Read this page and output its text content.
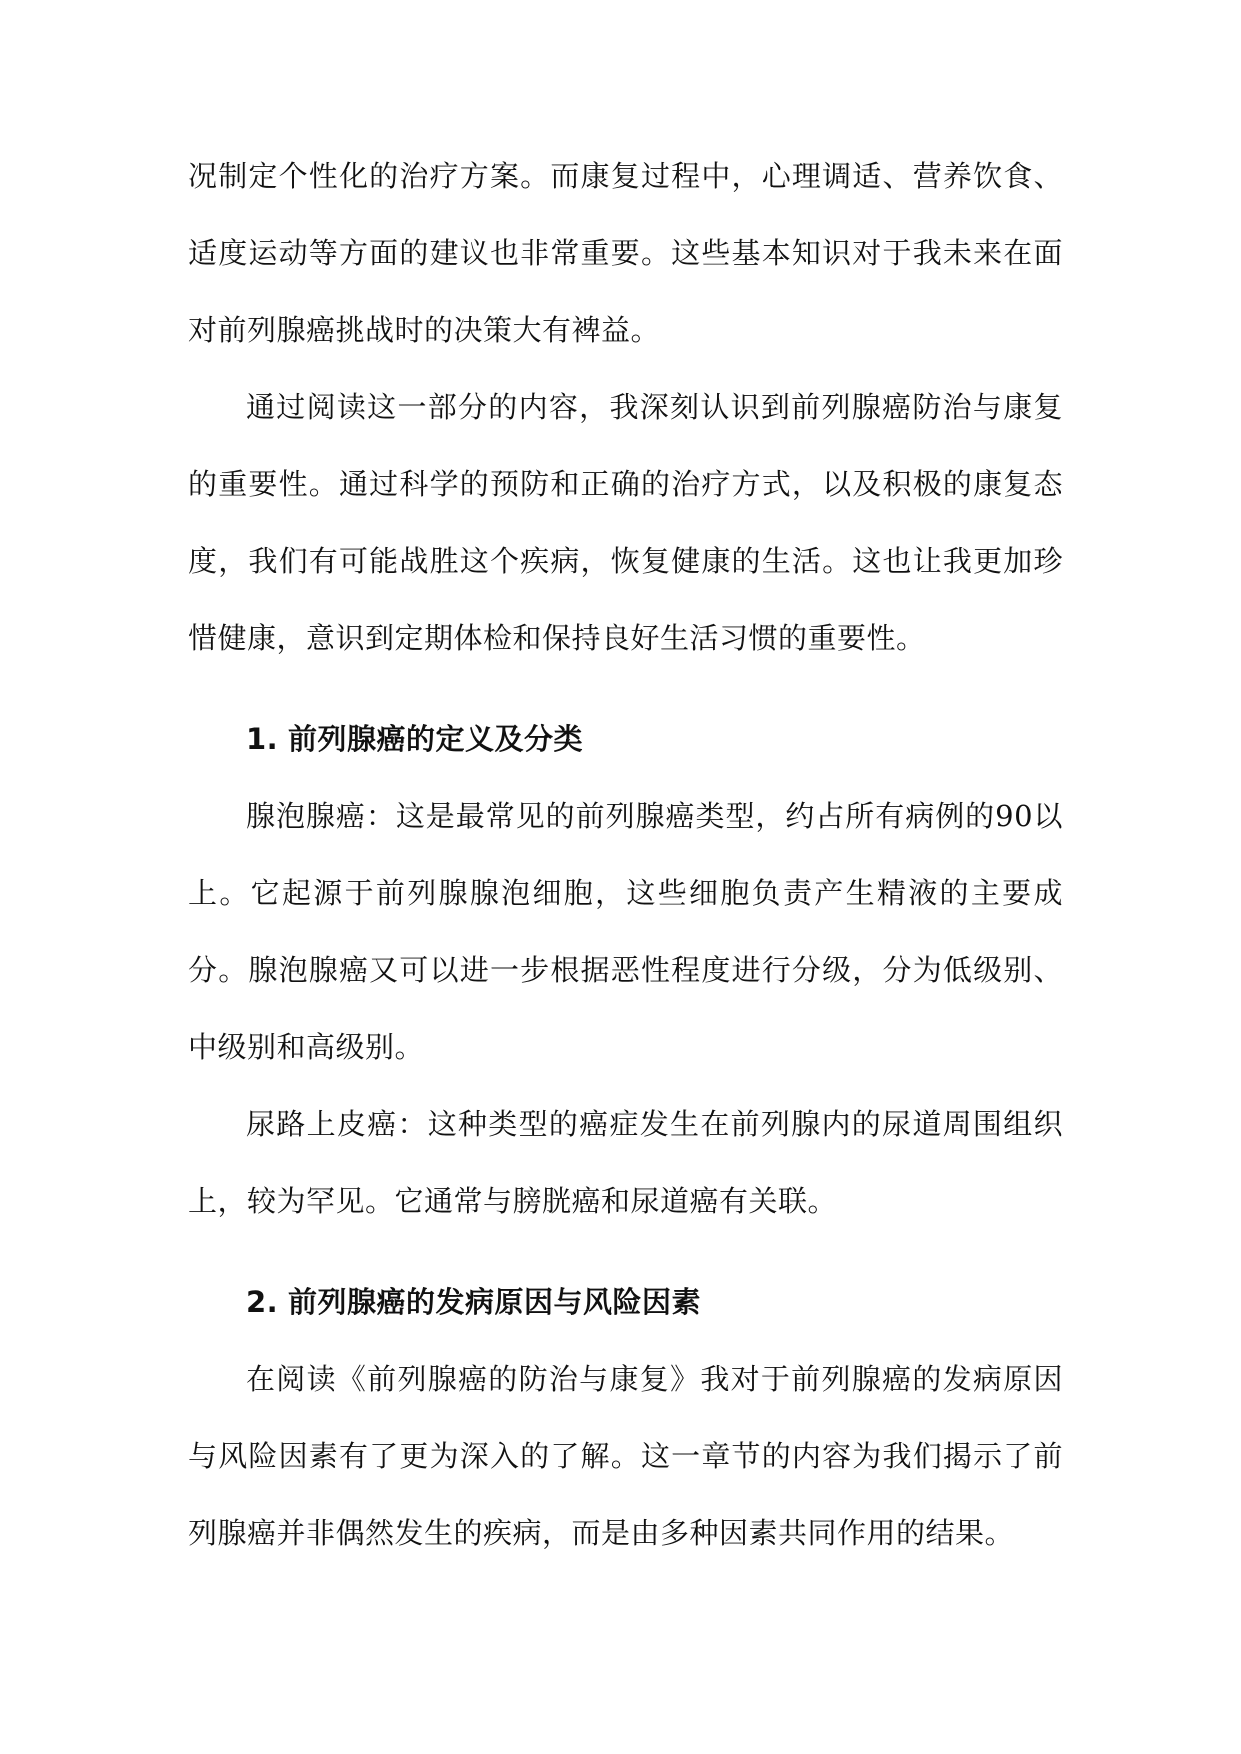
况制定个性化的治疗方案。而康复过程中，心理调适、营养饮食、适度运动等方面的建议也非常重要。这些基本知识对于我未来在面对前列腺癌挑战时的决策大有裨益。

通过阅读这一部分的内容，我深刻认识到前列腺癌防治与康复的重要性。通过科学的预防和正确的治疗方式，以及积极的康复态度，我们有可能战胜这个疾病，恢复健康的生活。这也让我更加珍惜健康，意识到定期体检和保持良好生活习惯的重要性。

1. 前列腺癌的定义及分类

腺泡腺癌：这是最常见的前列腺癌类型，约占所有病例的90以上。它起源于前列腺腺泡细胞，这些细胞负责产生精液的主要成分。腺泡腺癌又可以进一步根据恶性程度进行分级，分为低级别、中级别和高级别。

尿路上皮癌：这种类型的癌症发生在前列腺内的尿道周围组织上，较为罕见。它通常与膀胱癌和尿道癌有关联。

2. 前列腺癌的发病原因与风险因素

在阅读《前列腺癌的防治与康复》我对于前列腺癌的发病原因与风险因素有了更为深入的了解。这一章节的内容为我们揭示了前列腺癌并非偶然发生的疾病，而是由多种因素共同作用的结果。
